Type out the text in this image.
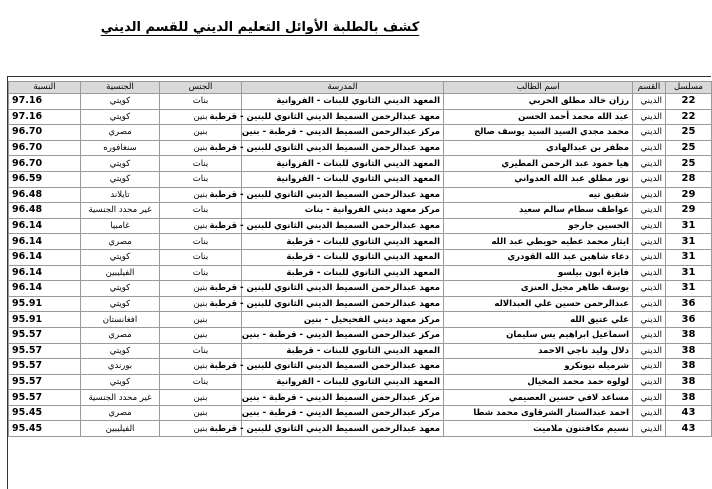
كشف بالطلبة الأوائل التعليم الديني للقسم الديني
مسلسل	القسم	اسم الطالب	المدرسة	الجنس	الجنسية	النسبة
22	الديني	رزان خالد مطلق الحربي	المعهد الديني الثانوي للبنات - الفروانية	بنات	كويتي	97.16
22	الديني	عبد الله محمد أحمد الحسن	معهد عبدالرحمن السميط الديني الثانوي للبنين - قرطبة	بنين	كويتي	97.16
25	الديني	محمد مجدي السيد السيد يوسف صالح	مركز عبدالرحمن السميط الديني - قرطبة - بنين	بنين	مصري	96.70
25	الديني	مظفر بن عبدالهادي	معهد عبدالرحمن السميط الديني الثانوي للبنين - قرطبة	بنين	سنغافوره	96.70
25	الديني	هيا حمود عبد الرحمن المطيري	المعهد الديني الثانوي للبنات - الفروانية	بنات	كويتي	96.70
28	الديني	نور مطلق عبد الله العدواني	المعهد الديني الثانوي للبنات - الفروانية	بنات	كويتي	96.59
29	الديني	شفيق تيه	معهد عبدالرحمن السميط الديني الثانوي للبنين - قرطبة	بنين	تايلاند	96.48
29	الديني	عواطف سطام سالم سعيد	مركز معهد ديني الفروانية - بنات	بنات	غير محدد الجنسية	96.48
31	الديني	الحسين جارجو	معهد عبدالرحمن السميط الديني الثانوي للبنين - قرطبة	بنين	غامبيا	96.14
31	الديني	ايثار محمد عطيه حويطي عبد الله	المعهد الديني الثانوي للبنات - قرطبة	بنات	مصري	96.14
31	الديني	دعاء شاهين عبد الله القودري	المعهد الديني الثانوي للبنات - قرطبة	بنات	كويتي	96.14
31	الديني	فايزة ابون بيلسو	المعهد الديني الثانوي للبنات - قرطبة	بنات	الفيليبين	96.14
31	الديني	يوسف ظاهر مجيل العنزى	معهد عبدالرحمن السميط الديني الثانوي للبنين - قرطبة	بنين	كويتي	96.14
36	الديني	عبدالرحمن حسين علي العبدالاله	معهد عبدالرحمن السميط الديني الثانوي للبنين - قرطبة	بنين	كويتي	95.91
36	الديني	علي عتيق الله	مركز معهد ديني الفحيحيل - بنين	بنين	افغانستان	95.91
38	الديني	اسماعيل ابراهيم يس سليمان	مركز عبدالرحمن السميط الديني - قرطبة - بنين	بنين	مصري	95.57
38	الديني	دلال وليد ناجي الاحمد	المعهد الديني الثانوي للبنات - قرطبة	بنات	كويتي	95.57
38	الديني	شرميله نيونكرو	معهد عبدالرحمن السميط الديني الثانوي للبنين - قرطبة	بنين	بورندي	95.57
38	الديني	لولوه حمد محمد المخيال	المعهد الديني الثانوي للبنات - الفروانية	بنات	كويتي	95.57
38	الديني	مساعد لافي حسين العصيمي	مركز عبدالرحمن السميط الديني - قرطبة - بنين	بنين	غير محدد الجنسية	95.57
43	الديني	احمد عبدالستار الشرقاوى محمد شطا	مركز عبدالرحمن السميط الديني - قرطبة - بنين	بنين	مصري	95.45
43	الديني	نسيم مكافتنون ملاميت	معهد عبدالرحمن السميط الديني الثانوي للبنين - قرطبة	بنين	الفيليبين	95.45
